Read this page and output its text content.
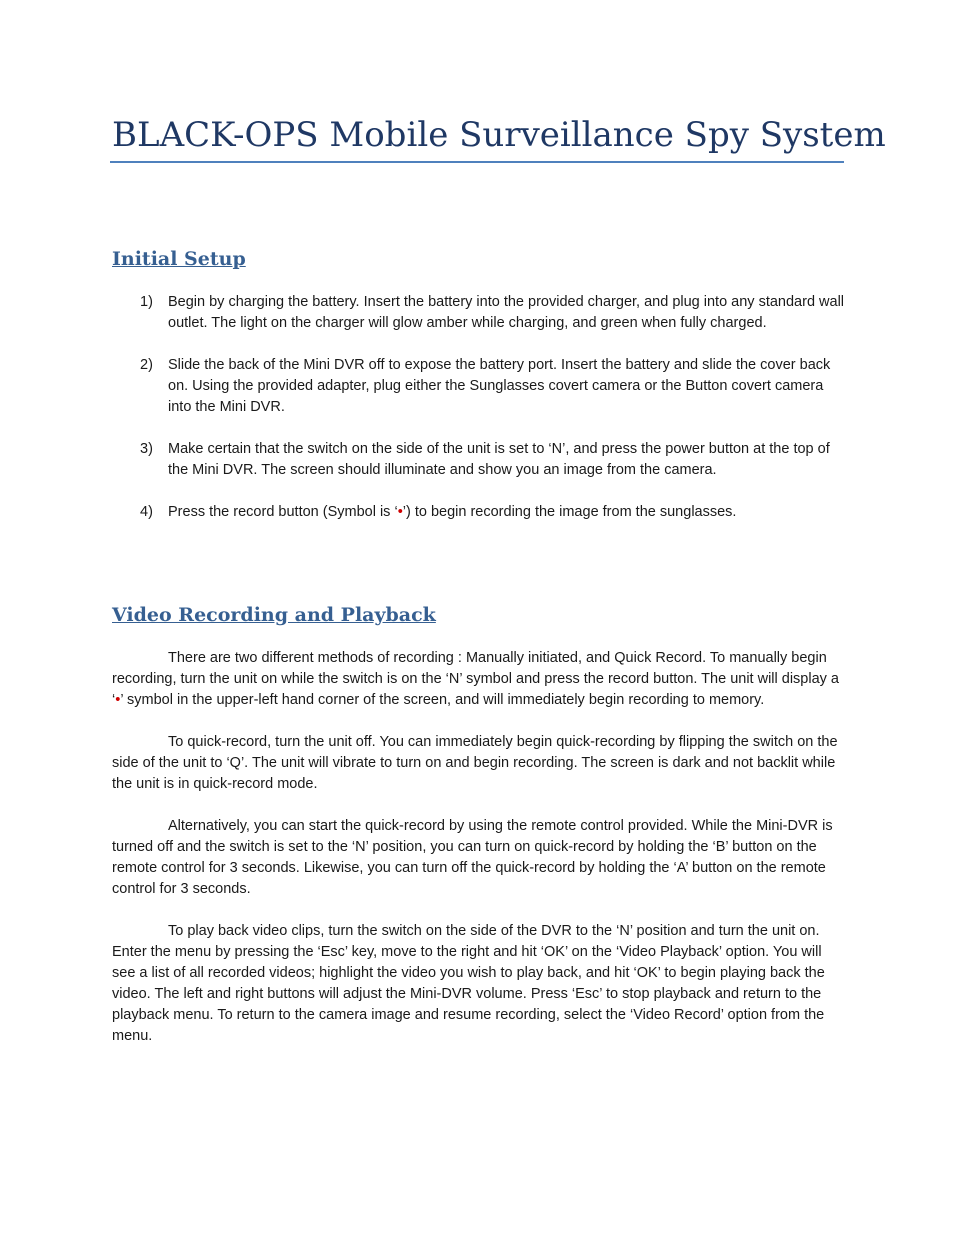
BLACK-OPS Mobile Surveillance Spy System
Initial Setup
1) Begin by charging the battery. Insert the battery into the provided charger, and plug into any standard wall outlet. The light on the charger will glow amber while charging, and green when fully charged.
2) Slide the back of the Mini DVR off to expose the battery port. Insert the battery and slide the cover back on. Using the provided adapter, plug either the Sunglasses covert camera or the Button covert camera into the Mini DVR.
3) Make certain that the switch on the side of the unit is set to ‘N’, and press the power button at the top of the Mini DVR. The screen should illuminate and show you an image from the camera.
4) Press the record button (Symbol is ‘•’) to begin recording the image from the sunglasses.
Video Recording and Playback

There are two different methods of recording : Manually initiated, and Quick Record. To manually begin recording, turn the unit on while the switch is on the ‘N’ symbol and press the record button. The unit will display a ‘•’ symbol in the upper-left hand corner of the screen, and will immediately begin recording to memory.

To quick-record, turn the unit off. You can immediately begin quick-recording by flipping the switch on the side of the unit to ‘Q’. The unit will vibrate to turn on and begin recording. The screen is dark and not backlit while the unit is in quick-record mode.

Alternatively, you can start the quick-record by using the remote control provided. While the Mini-DVR is turned off and the switch is set to the ‘N’ position, you can turn on quick-record by holding the ‘B’ button on the remote control for 3 seconds. Likewise, you can turn off the quick-record by holding the ‘A’ button on the remote control for 3 seconds.

To play back video clips, turn the switch on the side of the DVR to the ‘N’ position and turn the unit on. Enter the menu by pressing the ‘Esc’ key, move to the right and hit ‘OK’ on the ‘Video Playback’ option. You will see a list of all recorded videos; highlight the video you wish to play back, and hit ‘OK’ to begin playing back the video. The left and right buttons will adjust the Mini-DVR volume. Press ‘Esc’ to stop playback and return to the playback menu. To return to the camera image and resume recording, select the ‘Video Record’ option from the menu.
